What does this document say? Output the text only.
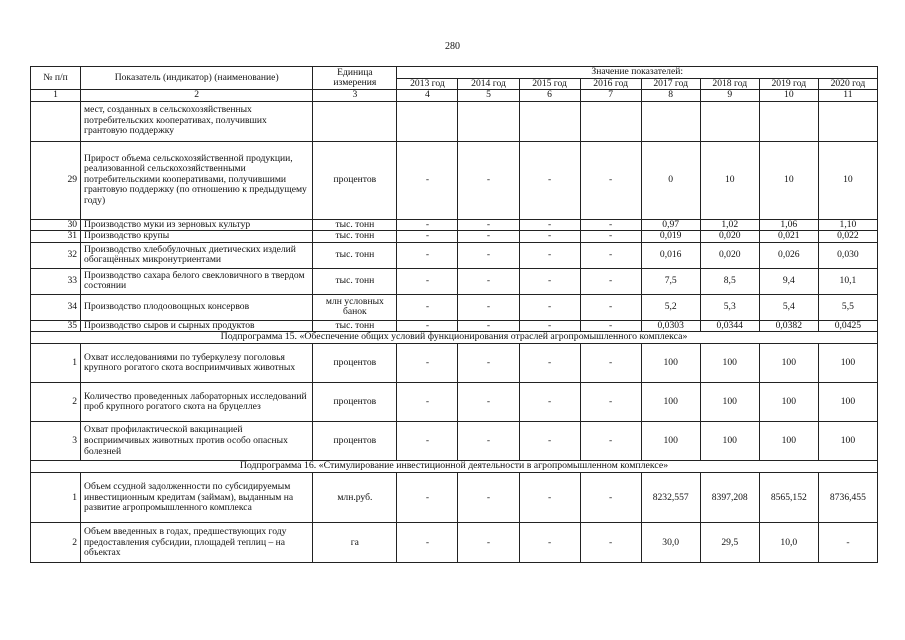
280
№ п/п	Показатель (индикатор) (наименование)	Единица измерения	Значение показателей:							
			2013 год	2014 год	2015 год	2016 год	2017 год	2018 год	2019 год	2020 год
1	2	3	4	5	6	7	8	9	10	11
	мест, созданных в сельскохозяйственных потребительских кооперативах, получивших грантовую поддержку									
29	Прирост объема сельскохозяйственной продукции, реализованной сельскохозяйственными потребительскими кооперативами, получившими грантовую поддержку (по отношению к предыдущему году)	процентов	-	-	-	-	0	10	10	10
30	Производство муки из зерновых культур	тыс. тонн	-	-	-	-	0,97	1,02	1,06	1,10
31	Производство крупы	тыс. тонн	-	-	-	-	0,019	0,020	0,021	0,022
32	Производство хлебобулочных диетических изделий обогащённых микронутриентами	тыс. тонн	-	-	-	-	0,016	0,020	0,026	0,030
33	Производство сахара белого свекловичного в твердом состоянии	тыс. тонн	-	-	-	-	7,5	8,5	9,4	10,1
34	Производство плодоовощных консервов	млн условных банок	-	-	-	-	5,2	5,3	5,4	5,5
35	Производство сыров и сырных продуктов	тыс. тонн	-	-	-	-	0,0303	0,0344	0,0382	0,0425
Подпрограмма 15. «Обеспечение общих условий функционирования отраслей агропромышленного комплекса»										
1	Охват исследованиями по туберкулезу поголовья крупного рогатого скота восприимчивых животных	процентов	-	-	-	-	100	100	100	100
2	Количество проведенных лабораторных исследований проб крупного рогатого скота на бруцеллез	процентов	-	-	-	-	100	100	100	100
3	Охват профилактической вакцинацией восприимчивых животных против особо опасных болезней	процентов	-	-	-	-	100	100	100	100
Подпрограмма 16. «Стимулирование инвестиционной деятельности в агропромышленном комплексе»										
1	Объем ссудной задолженности по субсидируемым инвестиционным кредитам (займам), выданным на развитие агропромышленного комплекса	млн.руб.	-	-	-	-	8232,557	8397,208	8565,152	8736,455
2	Объем введенных в годах, предшествующих году предоставления субсидии, площадей теплиц – на объектах	га	-	-	-	-	30,0	29,5	10,0	-
